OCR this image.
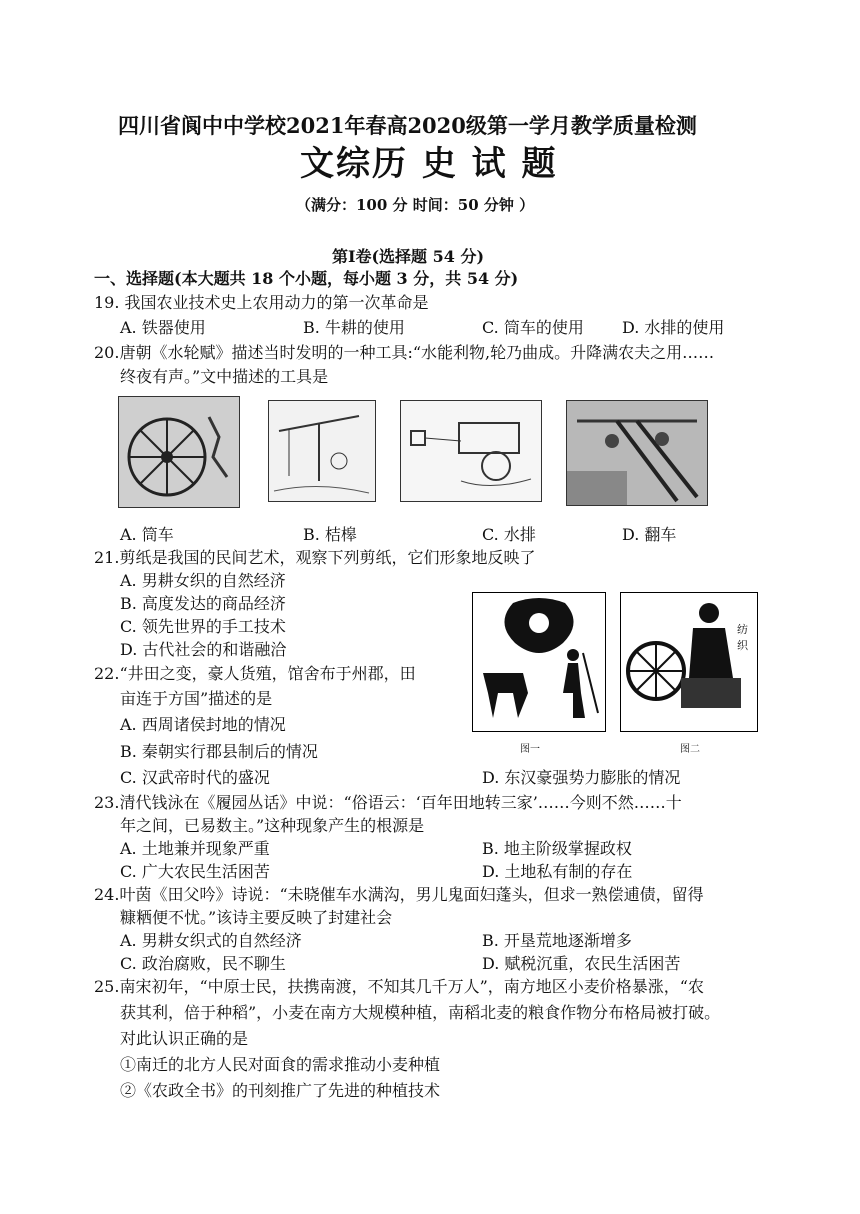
四川省阆中中学校2021年春高2020级第一学月教学质量检测
文综历 史 试 题
（满分：100 分 时间：50 分钟 ）
第Ⅰ卷(选择题 54 分)
一、选择题(本大题共 18 个小题，每小题 3 分，共 54 分)
19. 我国农业技术史上农用动力的第一次革命是
A. 铁器使用	B. 牛耕的使用	C. 筒车的使用 D. 水排的使用
20.唐朝《水轮赋》描述当时发明的一种工具:“水能利物,轮乃曲成。升降满农夫之用……
终夜有声。”文中描述的工具是
A. 筒车	B. 桔槔	C. 水排	D. 翻车
21.剪纸是我国的民间艺术，观察下列剪纸，它们形象地反映了
A. 男耕女织的自然经济
B. 高度发达的商品经济
C. 领先世界的手工技术
D. 古代社会的和谐融洽
纺
织
图一	图二
22.“井田之变，豪人货殖，馆舍布于州郡，田
亩连于方国”描述的是
A. 西周诸侯封地的情况
B. 秦朝实行郡县制后的情况
C. 汉武帝时代的盛况	D. 东汉豪强势力膨胀的情况
23.清代钱泳在《履园丛话》中说：“俗语云：‘百年田地转三家’……今则不然……十
年之间，已易数主。”这种现象产生的根源是
A. 土地兼并现象严重	B. 地主阶级掌握政权
C. 广大农民生活困苦	D. 土地私有制的存在
24.叶茵《田父吟》诗说：“未晓催车水满沟，男儿鬼面妇蓬头，但求一熟偿逋债，留得
糠粞便不忧。”该诗主要反映了封建社会
A. 男耕女织式的自然经济	B. 开垦荒地逐渐增多
C. 政治腐败，民不聊生	D. 赋税沉重，农民生活困苦
25.南宋初年，“中原士民，扶携南渡，不知其几千万人”，南方地区小麦价格暴涨，“农
获其利，倍于种稻”，小麦在南方大规模种植，南稻北麦的粮食作物分布格局被打破。
对此认识正确的是
①南迁的北方人民对面食的需求推动小麦种植
②《农政全书》的刊刻推广了先进的种植技术
